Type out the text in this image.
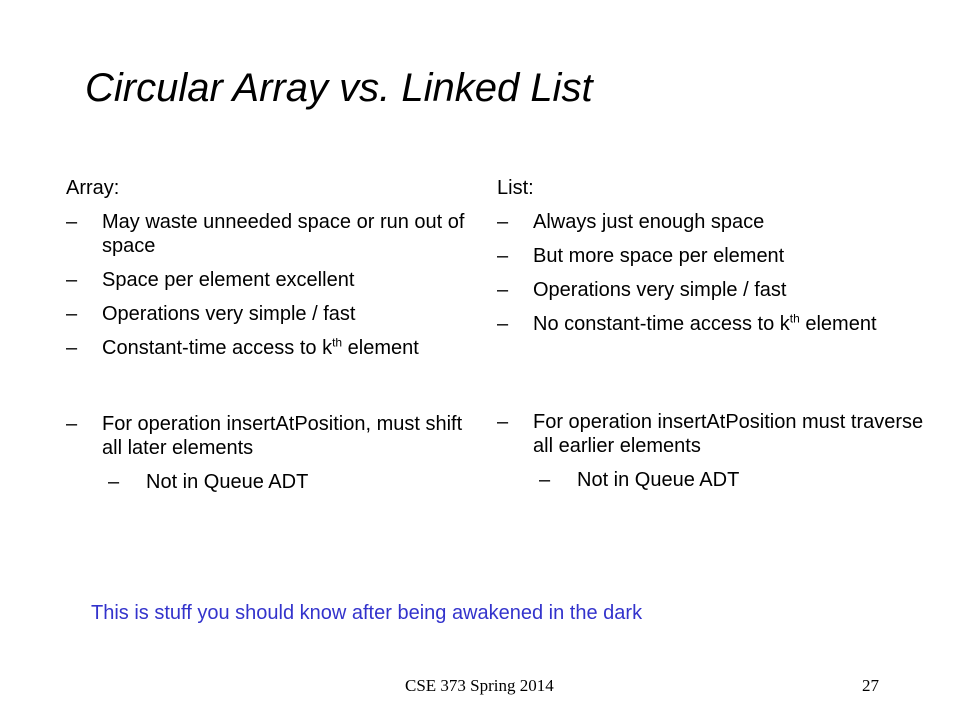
Circular Array vs. Linked List
Array:
– May waste unneeded space or run out of space
– Space per element excellent
– Operations very simple / fast
– Constant-time access to $k^{th}$ element
– For operation insertAtPosition, must shift all later elements
– Not in Queue ADT
List:
– Always just enough space
– But more space per element
– Operations very simple / fast
– No constant-time access to $k^{th}$ element
– For operation insertAtPosition must traverse all earlier elements
– Not in Queue ADT
This is stuff you should know after being awakened in the dark
CSE 373 Spring 2014	27
